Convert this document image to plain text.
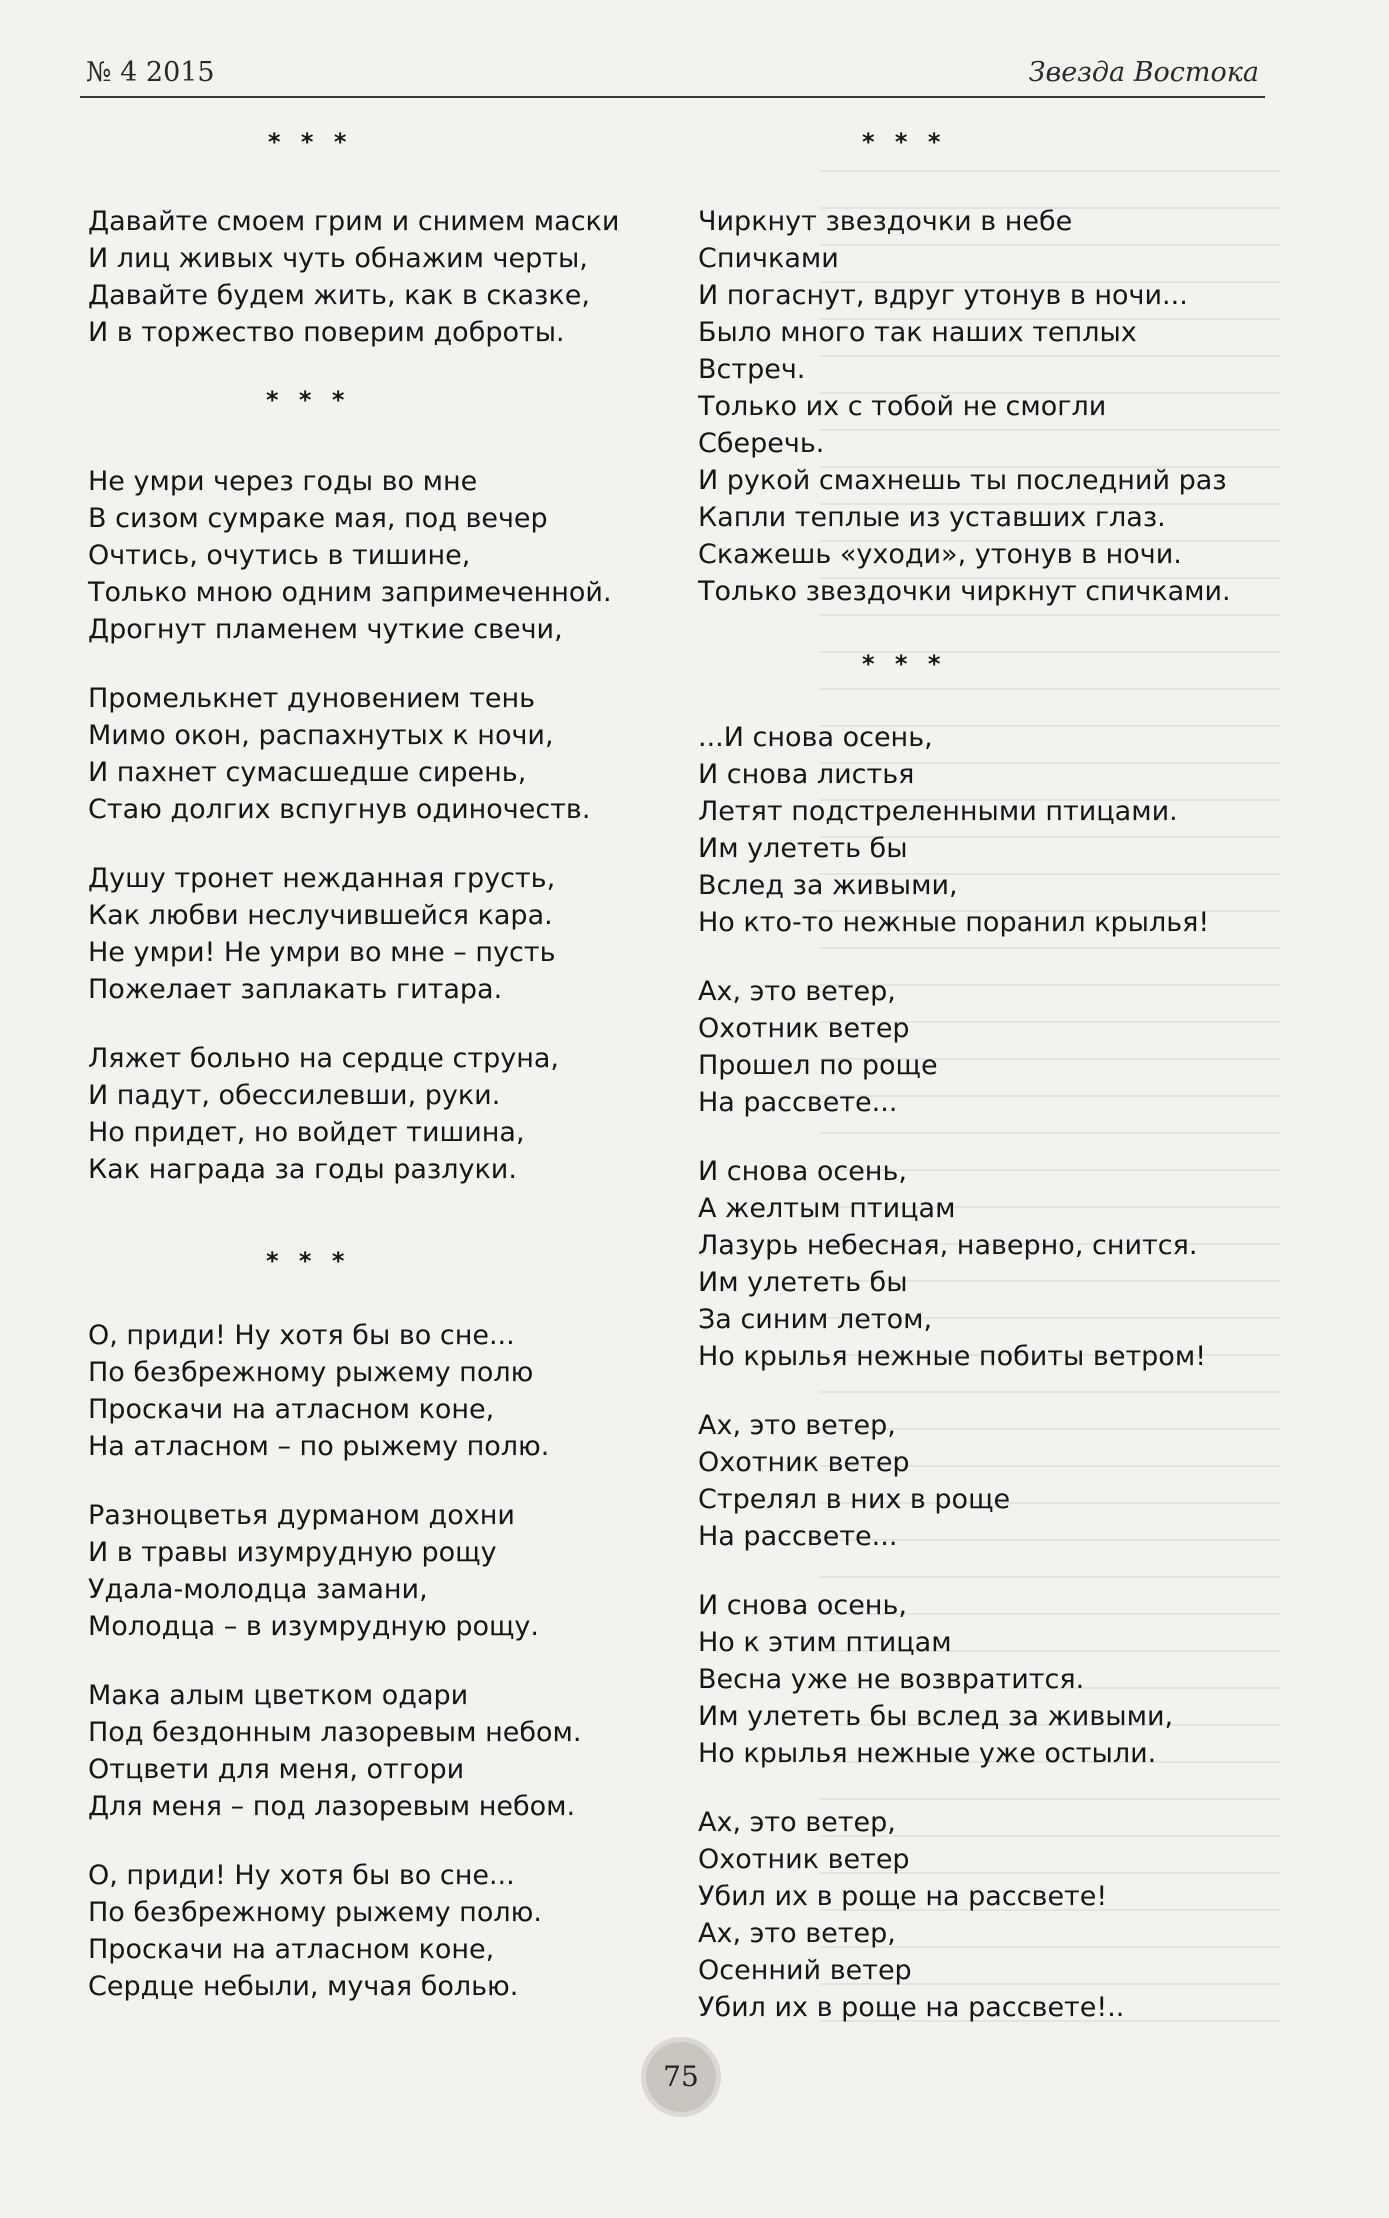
№ 4 2015	Звезда Востока
* * *
Давайте смоем грим и снимем маски
И лиц живых чуть обнажим черты,
Давайте будем жить, как в сказке,
И в торжество поверим доброты.
* * *
Не умри через годы во мне
В сизом сумраке мая, под вечер
Очтись, очутись в тишине,
Только мною одним запримеченной.
Дрогнут пламенем чуткие свечи,
Промелькнет дуновением тень
Мимо окон, распахнутых к ночи,
И пахнет сумасшедше сирень,
Стаю долгих вспугнув одиночеств.
Душу тронет нежданная грусть,
Как любви неслучившейся кара.
Не умри! Не умри во мне – пусть
Пожелает заплакать гитара.
Ляжет больно на сердце струна,
И падут, обессилевши, руки.
Но придет, но войдет тишина,
Как награда за годы разлуки.
* * *
О, приди! Ну хотя бы во сне...
По безбрежному рыжему полю
Проскачи на атласном коне,
На атласном – по рыжему полю.
Разноцветья дурманом дохни
И в травы изумрудную рощу
Удала-молодца замани,
Молодца – в изумрудную рощу.
Мака алым цветком одари
Под бездонным лазоревым небом.
Отцвети для меня, отгори
Для меня – под лазоревым небом.
О, приди! Ну хотя бы во сне...
По безбрежному рыжему полю.
Проскачи на атласном коне,
Сердце небыли, мучая болью.
* * *
Чиркнут звездочки в небе
Спичками
И погаснут, вдруг утонув в ночи...
Было много так наших теплых
Встреч.
Только их с тобой не смогли
Сберечь.
И рукой смахнешь ты последний раз
Капли теплые из уставших глаз.
Скажешь «уходи», утонув в ночи.
Только звездочки чиркнут спичками.
* * *
...И снова осень,
И снова листья
Летят подстреленными птицами.
Им улететь бы
Вслед за живыми,
Но кто-то нежные поранил крылья!
Ах, это ветер,
Охотник ветер
Прошел по роще
На рассвете...
И снова осень,
А желтым птицам
Лазурь небесная, наверно, снится.
Им улететь бы
За синим летом,
Но крылья нежные побиты ветром!
Ах, это ветер,
Охотник ветер
Стрелял в них в роще
На рассвете...
И снова осень,
Но к этим птицам
Весна уже не возвратится.
Им улететь бы вслед за живыми,
Но крылья нежные уже остыли.
Ах, это ветер,
Охотник ветер
Убил их в роще на рассвете!
Ах, это ветер,
Осенний ветер
Убил их в роще на рассвете!..
75
